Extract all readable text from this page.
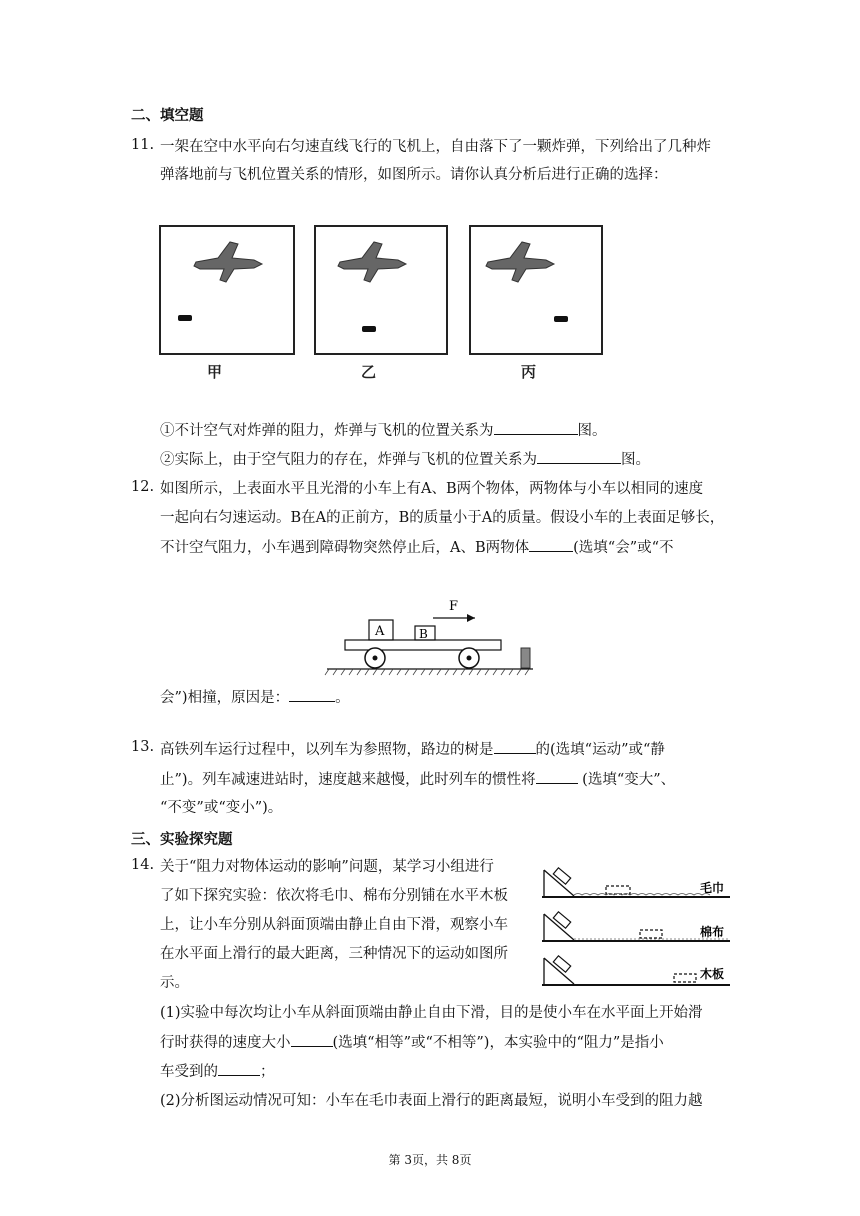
二、填空题
11. 一架在空中水平向右匀速直线飞行的飞机上，自由落下了一颗炸弹，下列给出了几种炸
弹落地前与飞机位置关系的情形，如图所示。请你认真分析后进行正确的选择：
甲	乙	丙
①不计空气对炸弹的阻力，炸弹与飞机的位置关系为	图。
②实际上，由于空气阻力的存在，炸弹与飞机的位置关系为	图。
12. 如图所示，上表面水平且光滑的小车上有A、B两个物体，两物体与小车以相同的速度
一起向右匀速运动。B在A的正前方，B的质量小于A的质量。假设小车的上表面足够长，
不计空气阻力，小车遇到障碍物突然停止后，A、B两物体	(选填“会”或“不
F
A	B
会”)相撞，原因是：	。
13. 高铁列车运行过程中，以列车为参照物，路边的树是	的(选填“运动”或“静
止”)。列车减速进站时，速度越来越慢，此时列车的惯性将	(选填“变大”、
“不变”或“变小”)。
三、实验探究题
14. 关于“阻力对物体运动的影响”问题，某学习小组进行
了如下探究实验：依次将毛巾、棉布分别铺在水平木板
上，让小车分别从斜面顶端由静止自由下滑，观察小车
在水平面上滑行的最大距离，三种情况下的运动如图所
示。
毛巾
棉布
木板
(1)实验中每次均让小车从斜面顶端由静止自由下滑，目的是使小车在水平面上开始滑
行时获得的速度大小	(选填“相等”或“不相等”)，本实验中的“阻力”是指小
车受到的	；
(2)分析图运动情况可知：小车在毛巾表面上滑行的距离最短，说明小车受到的阻力越
第 3页，共 8页
